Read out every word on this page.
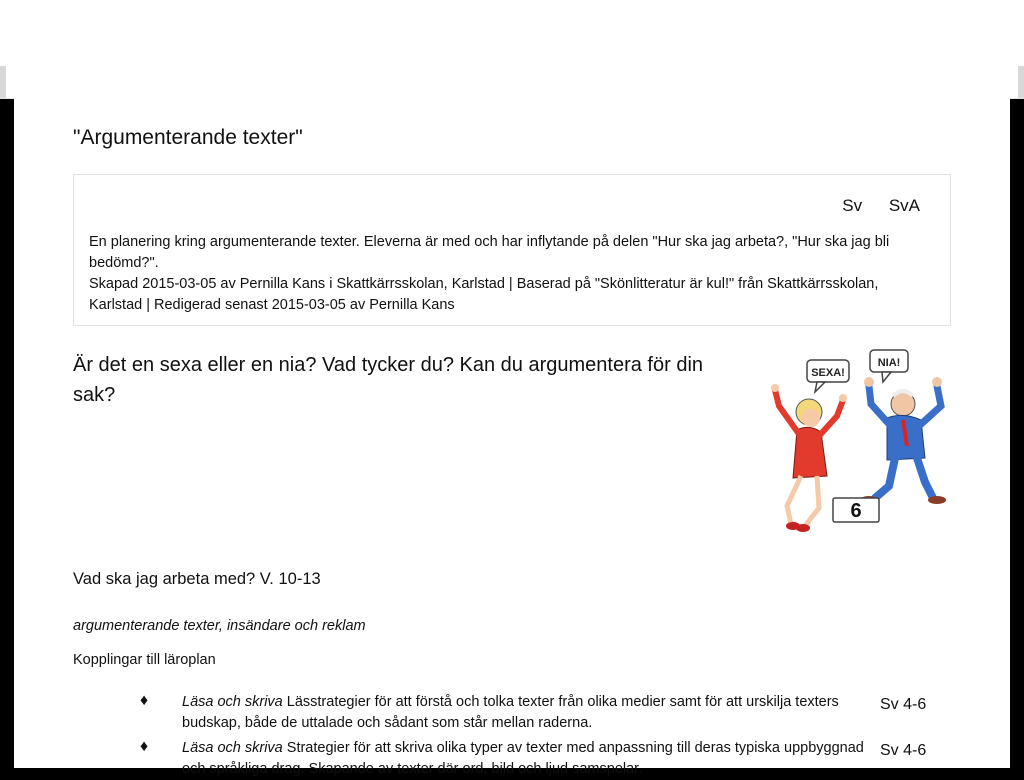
"Argumenterande texter"
Sv SvA

En planering kring argumenterande texter. Eleverna är med och har inflytande på delen "Hur ska jag arbeta?, "Hur ska jag bli bedömd?".

Skapad 2015-03-05 av Pernilla Kans i Skattkärrsskolan, Karlstad | Baserad på "Skönlitteratur är kul!" från Skattkärrsskolan, Karlstad | Redigerad senast 2015-03-05 av Pernilla Kans

Är det en sexa eller en nia? Vad tycker du? Kan du argumentera för din sak?
SEXA!
NIA!
6
Vad ska jag arbeta med? V. 10-13
argumenterande texter, insändare och reklam
Kopplingar till läroplan
♦ Läsa och skriva Lässtrategier för att förstå och tolka texter från olika medier samt för att urskilja texters budskap, både de uttalade och sådant som står mellan raderna.
Sv 4-6
♦ Läsa och skriva Strategier för att skriva olika typer av texter med anpassning till deras typiska uppbyggnad och språkliga drag. Skapande av texter där ord, bild och ljud samspelar.
Sv 4-6
